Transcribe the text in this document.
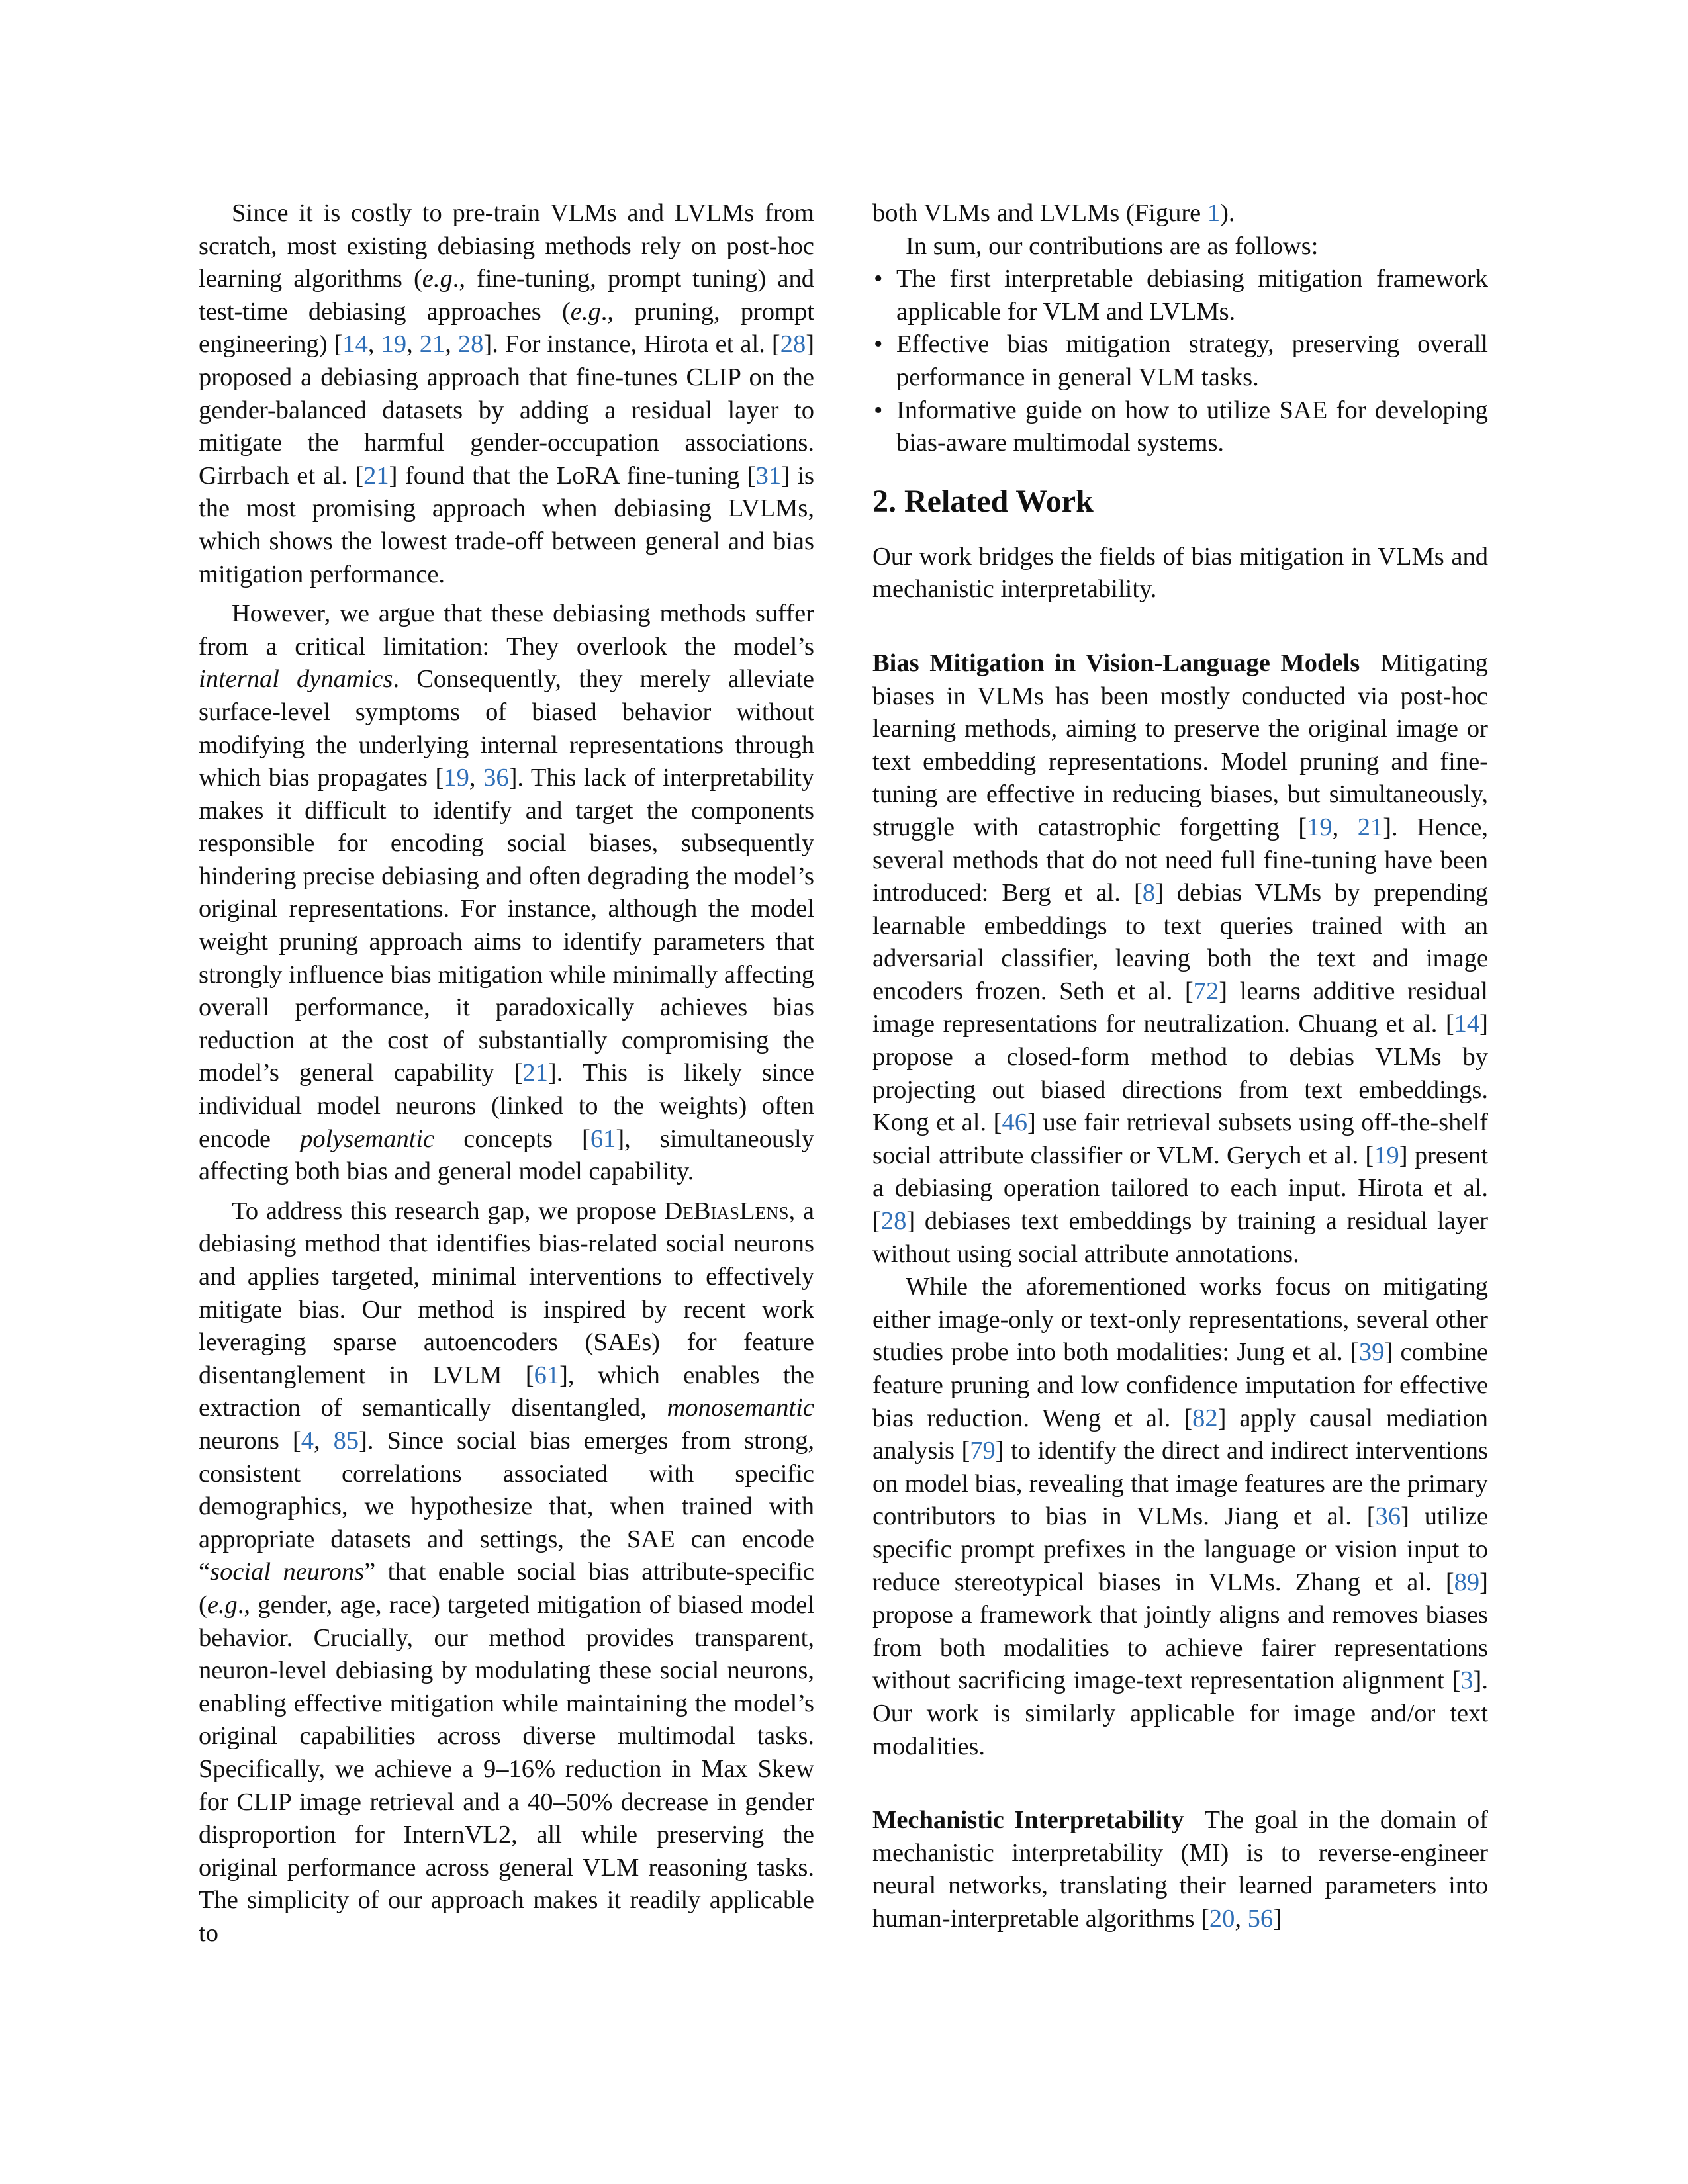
Since it is costly to pre-train VLMs and LVLMs from scratch, most existing debiasing methods rely on post-hoc learning algorithms (e.g., fine-tuning, prompt tuning) and test-time debiasing approaches (e.g., pruning, prompt engineering) [14, 19, 21, 28]. For instance, Hirota et al. [28] proposed a debiasing approach that fine-tunes CLIP on the gender-balanced datasets by adding a residual layer to mitigate the harmful gender-occupation associations. Girrbach et al. [21] found that the LoRA fine-tuning [31] is the most promising approach when debiasing LVLMs, which shows the lowest trade-off between general and bias mitigation performance.

However, we argue that these debiasing methods suffer from a critical limitation: They overlook the model’s internal dynamics. Consequently, they merely alleviate surface-level symptoms of biased behavior without modifying the underlying internal representations through which bias propagates [19, 36]. This lack of interpretability makes it difficult to identify and target the components responsible for encoding social biases, subsequently hindering precise debiasing and often degrading the model’s original representations. For instance, although the model weight pruning approach aims to identify parameters that strongly influence bias mitigation while minimally affecting overall performance, it paradoxically achieves bias reduction at the cost of substantially compromising the model’s general capability [21]. This is likely since individual model neurons (linked to the weights) often encode polysemantic concepts [61], simultaneously affecting both bias and general model capability.

To address this research gap, we propose DeBiasLens, a debiasing method that identifies bias-related social neurons and applies targeted, minimal interventions to effectively mitigate bias. Our method is inspired by recent work leveraging sparse autoencoders (SAEs) for feature disentanglement in LVLM [61], which enables the extraction of semantically disentangled, monosemantic neurons [4, 85]. Since social bias emerges from strong, consistent correlations associated with specific demographics, we hypothesize that, when trained with appropriate datasets and settings, the SAE can encode “social neurons” that enable social bias attribute-specific (e.g., gender, age, race) targeted mitigation of biased model behavior. Crucially, our method provides transparent, neuron-level debiasing by modulating these social neurons, enabling effective mitigation while maintaining the model’s original capabilities across diverse multimodal tasks. Specifically, we achieve a 9–16% reduction in Max Skew for CLIP image retrieval and a 40–50% decrease in gender disproportion for InternVL2, all while preserving the original performance across general VLM reasoning tasks. The simplicity of our approach makes it readily applicable to

both VLMs and LVLMs (Figure 1).

In sum, our contributions are as follows:

• The first interpretable debiasing mitigation framework applicable for VLM and LVLMs.
• Effective bias mitigation strategy, preserving overall performance in general VLM tasks.
• Informative guide on how to utilize SAE for developing bias-aware multimodal systems.
2. Related Work

Our work bridges the fields of bias mitigation in VLMs and mechanistic interpretability.

Bias Mitigation in Vision-Language Models Mitigating biases in VLMs has been mostly conducted via post-hoc learning methods, aiming to preserve the original image or text embedding representations. Model pruning and fine-tuning are effective in reducing biases, but simultaneously, struggle with catastrophic forgetting [19, 21]. Hence, several methods that do not need full fine-tuning have been introduced: Berg et al. [8] debias VLMs by prepending learnable embeddings to text queries trained with an adversarial classifier, leaving both the text and image encoders frozen. Seth et al. [72] learns additive residual image representations for neutralization. Chuang et al. [14] propose a closed-form method to debias VLMs by projecting out biased directions from text embeddings. Kong et al. [46] use fair retrieval subsets using off-the-shelf social attribute classifier or VLM. Gerych et al. [19] present a debiasing operation tailored to each input. Hirota et al. [28] debiases text embeddings by training a residual layer without using social attribute annotations.

While the aforementioned works focus on mitigating either image-only or text-only representations, several other studies probe into both modalities: Jung et al. [39] combine feature pruning and low confidence imputation for effective bias reduction. Weng et al. [82] apply causal mediation analysis [79] to identify the direct and indirect interventions on model bias, revealing that image features are the primary contributors to bias in VLMs. Jiang et al. [36] utilize specific prompt prefixes in the language or vision input to reduce stereotypical biases in VLMs. Zhang et al. [89] propose a framework that jointly aligns and removes biases from both modalities to achieve fairer representations without sacrificing image-text representation alignment [3]. Our work is similarly applicable for image and/or text modalities.

Mechanistic Interpretability The goal in the domain of mechanistic interpretability (MI) is to reverse-engineer neural networks, translating their learned parameters into human-interpretable algorithms [20, 56]
